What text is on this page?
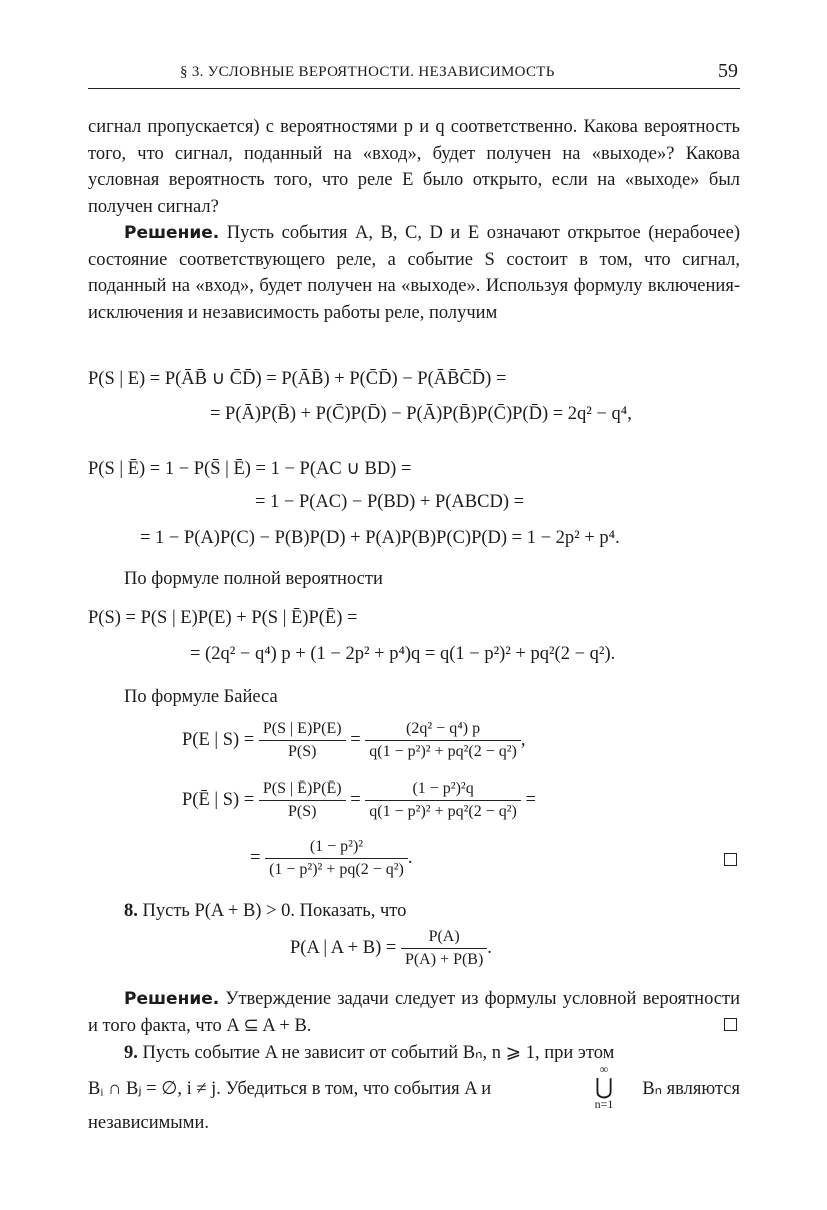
§ 3. УСЛОВНЫЕ ВЕРОЯТНОСТИ. НЕЗАВИСИМОСТЬ	59
сигнал пропускается) с вероятностями p и q соответственно. Какова вероятность того, что сигнал, поданный на «вход», будет получен на «выходе»? Какова условная вероятность того, что реле E было открыто, если на «выходе» был получен сигнал?
Решение. Пусть события A, B, C, D и E означают открытое (нерабочее) состояние соответствующего реле, а событие S состоит в том, что сигнал, поданный на «вход», будет получен на «выходе». Используя формулу включения-исключения и независимость работы реле, получим
P(S | E) = P(ĀB̄ ∪ C̄D̄) = P(ĀB̄) + P(C̄D̄) − P(ĀB̄C̄D̄) =
= P(Ā)P(B̄) + P(C̄)P(D̄) − P(Ā)P(B̄)P(C̄)P(D̄) = 2q² − q⁴,
P(S | Ē) = 1 − P(S̄ | Ē) = 1 − P(AC ∪ BD) =
= 1 − P(AC) − P(BD) + P(ABCD) =
= 1 − P(A)P(C) − P(B)P(D) + P(A)P(B)P(C)P(D) = 1 − 2p² + p⁴.
По формуле полной вероятности
P(S) = P(S | E)P(E) + P(S | Ē)P(Ē) =
= (2q² − q⁴) p + (1 − 2p² + p⁴)q = q(1 − p²)² + pq²(2 − q²).
По формуле Байеса
P(E | $S) = \frac{P(S | E)P(E)}{P(S)} = \frac{\text{(2q² − q⁴) p}}{\text{q(1 − p²)² + pq²(2 − q²)}}$ ,
P(Ē | $S) = \frac{P(S | Ē)P(Ē)}{P(S)} = \frac{\text{(1 − p²)²q}}{\text{q(1 − p²)² + pq²(2 − q²)}}$ =
= $\frac{\text{(1 − p²)²}}{\text{(1 − p²)² + pq(2 − q²)}}$ .
8. Пусть P(A + B) > 0. Показать, что
P(A | $A + B) = \frac{P(A)}{P(A) + P(B)}$ .
Решение. Утверждение задачи следует из формулы условной вероятности и того факта, что A ⊆ A + B.
9. Пусть событие A не зависит от событий Bₙ, n ⩾ 1, при этом
Bᵢ ∩ Bⱼ = ∅, i ≠ j. Убедиться в том, что события A и
∞
⋃
n=1
Bₙ являются
независимыми.
